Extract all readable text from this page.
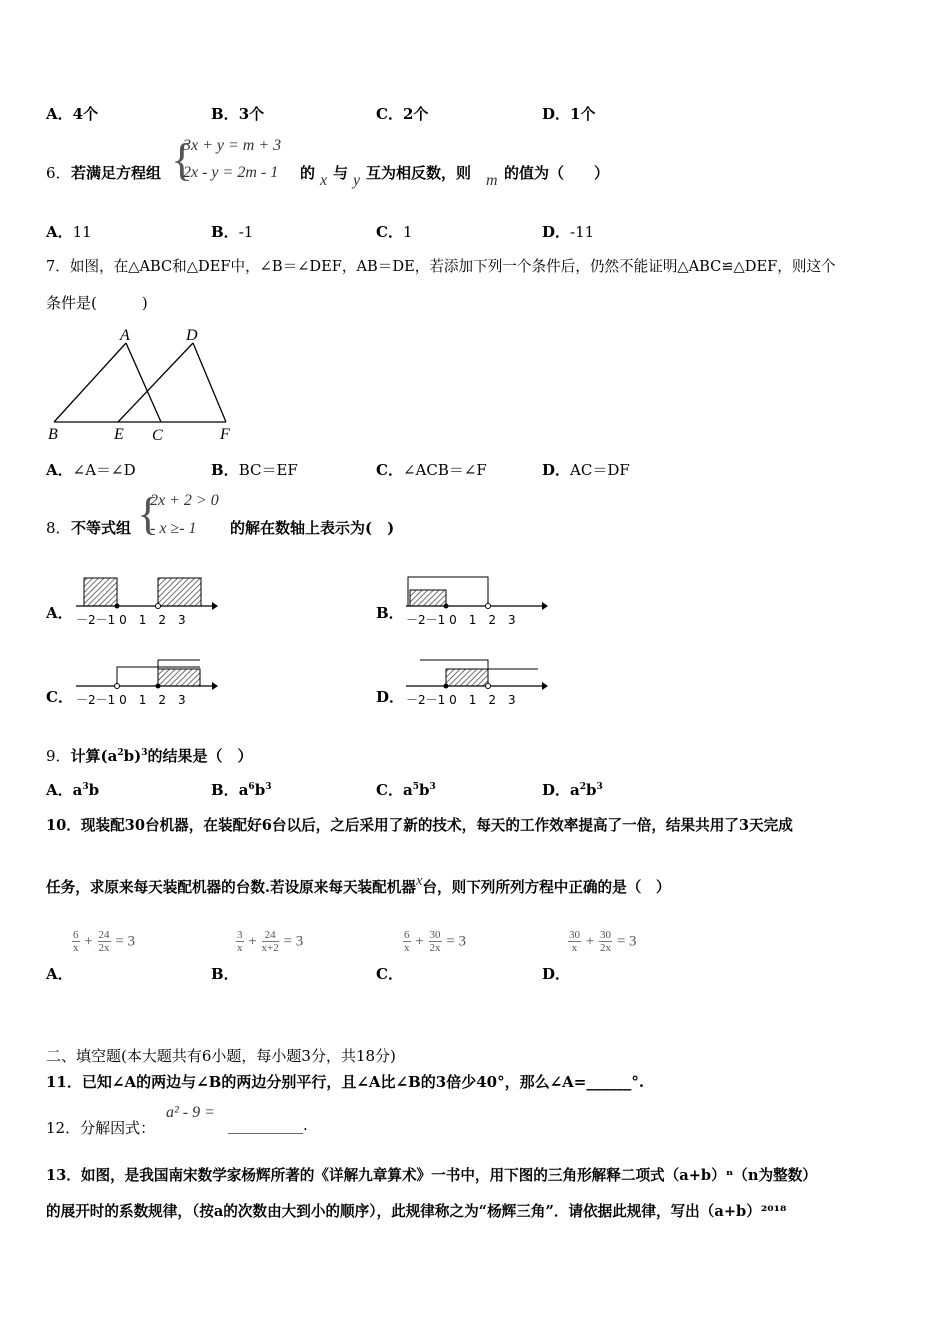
A．4个	B．3个	C．2个	D．1个
6． 若满足方程组 {
3x + y = m + 3
2x - y = 2m - 1 的 x 与 y 互为相反数，则 m 的值为（　　）
A．11	B．-1	C．1	D．-11
7．如图，在△ABC和△DEF中，∠B＝∠DEF，AB＝DE，若添加下列一个条件后，仍然不能证明△ABC≌△DEF，则这个
条件是(　　　)
A	D
B	E C	F
A．∠A＝∠D	B．BC＝EF	C．∠ACB＝∠F	D．AC＝DF
8． 不等式组 {
2x + 2 > 0
- x ≥- 1 的解在数轴上表示为(　)
A． －2－1 0　1　2　3	B． －2－1 0　1　2　3
C． －2－1 0　1　2　3	D． －2－1 0　1　2　3
9．计算$(a^2b)^3$的结果是（　）
A．$a^3b$	B．$a^6b^3$	C．$a^5b^3$	D．$a^2b^3$
10．现装配30台机器，在装配好6台以后，之后采用了新的技术，每天的工作效率提高了一倍，结果共用了3天完成
任务，求原来每天装配机器的台数.若设原来每天装配机器x台，则下列所列方程中正确的是（　）
$\frac{6}{x} + \frac{24}{2x} = 3$
A．
$\frac{3}{x} + \frac{24}{x+2} = 3$
B．
$\frac{6}{x} + \frac{30}{2x} = 3$
C．
$\frac{30}{x} + \frac{30}{2x} = 3$
D．
二、填空题(本大题共有6小题，每小题3分，共18分)
11．已知∠A的两边与∠B的两边分别平行，且∠A比∠B的3倍少40°，那么∠A=______°.
12．分解因式：
a² - 9 =
__________.
13．如图，是我国南宋数学家杨辉所著的《详解九章算术》一书中，用下图的三角形解释二项式（a+b）ⁿ（n为整数）
的展开时的系数规律，（按a的次数由大到小的顺序），此规律称之为“杨辉三角”．请依据此规律，写出（a+b）²⁰¹⁸
